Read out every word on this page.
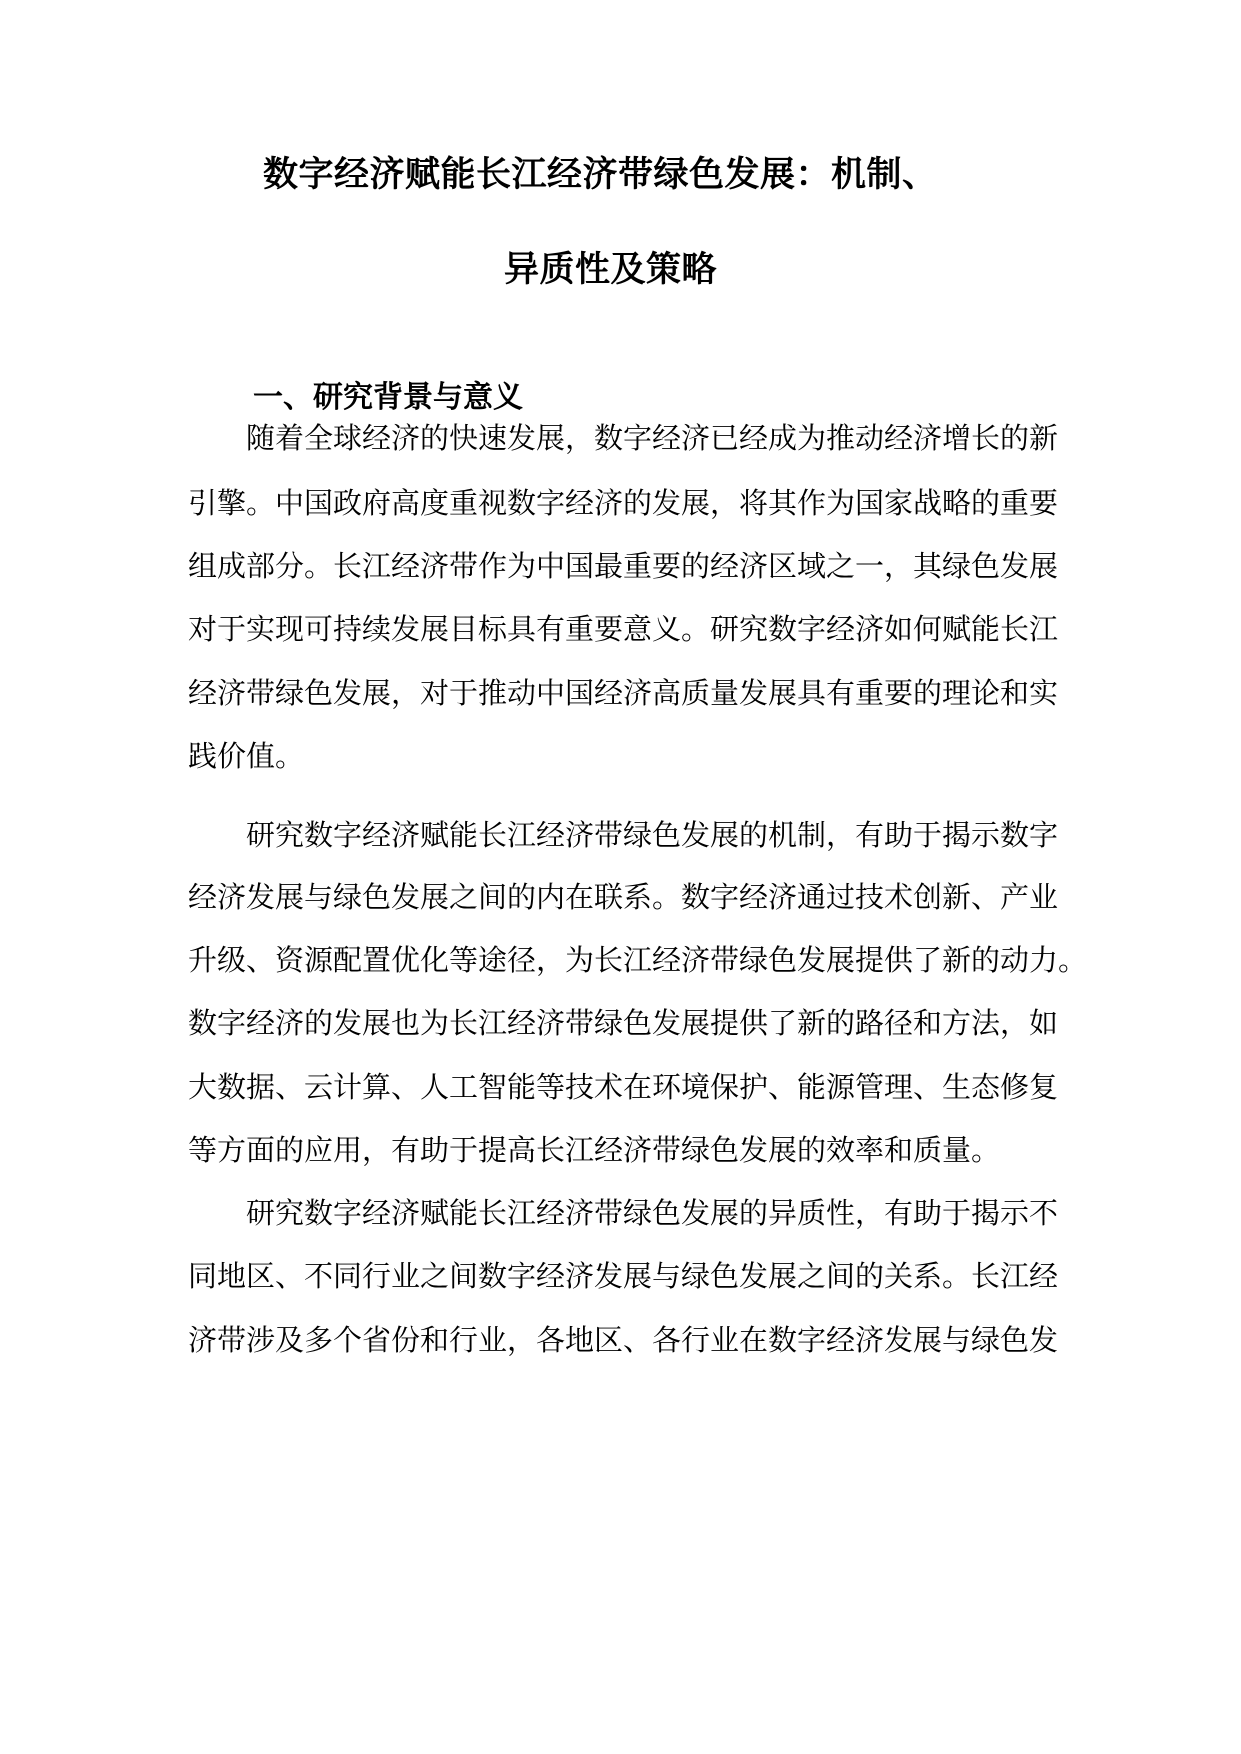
数字经济赋能长江经济带绿色发展：机制、
异质性及策略
一、研究背景与意义
随着全球经济的快速发展，数字经济已经成为推动经济增长的新
引擎。中国政府高度重视数字经济的发展，将其作为国家战略的重要
组成部分。长江经济带作为中国最重要的经济区域之一，其绿色发展
对于实现可持续发展目标具有重要意义。研究数字经济如何赋能长江
经济带绿色发展，对于推动中国经济高质量发展具有重要的理论和实
践价值。
研究数字经济赋能长江经济带绿色发展的机制，有助于揭示数字
经济发展与绿色发展之间的内在联系。数字经济通过技术创新、产业
升级、资源配置优化等途径，为长江经济带绿色发展提供了新的动力。
数字经济的发展也为长江经济带绿色发展提供了新的路径和方法，如
大数据、云计算、人工智能等技术在环境保护、能源管理、生态修复
等方面的应用，有助于提高长江经济带绿色发展的效率和质量。
研究数字经济赋能长江经济带绿色发展的异质性，有助于揭示不
同地区、不同行业之间数字经济发展与绿色发展之间的关系。长江经
济带涉及多个省份和行业，各地区、各行业在数字经济发展与绿色发
